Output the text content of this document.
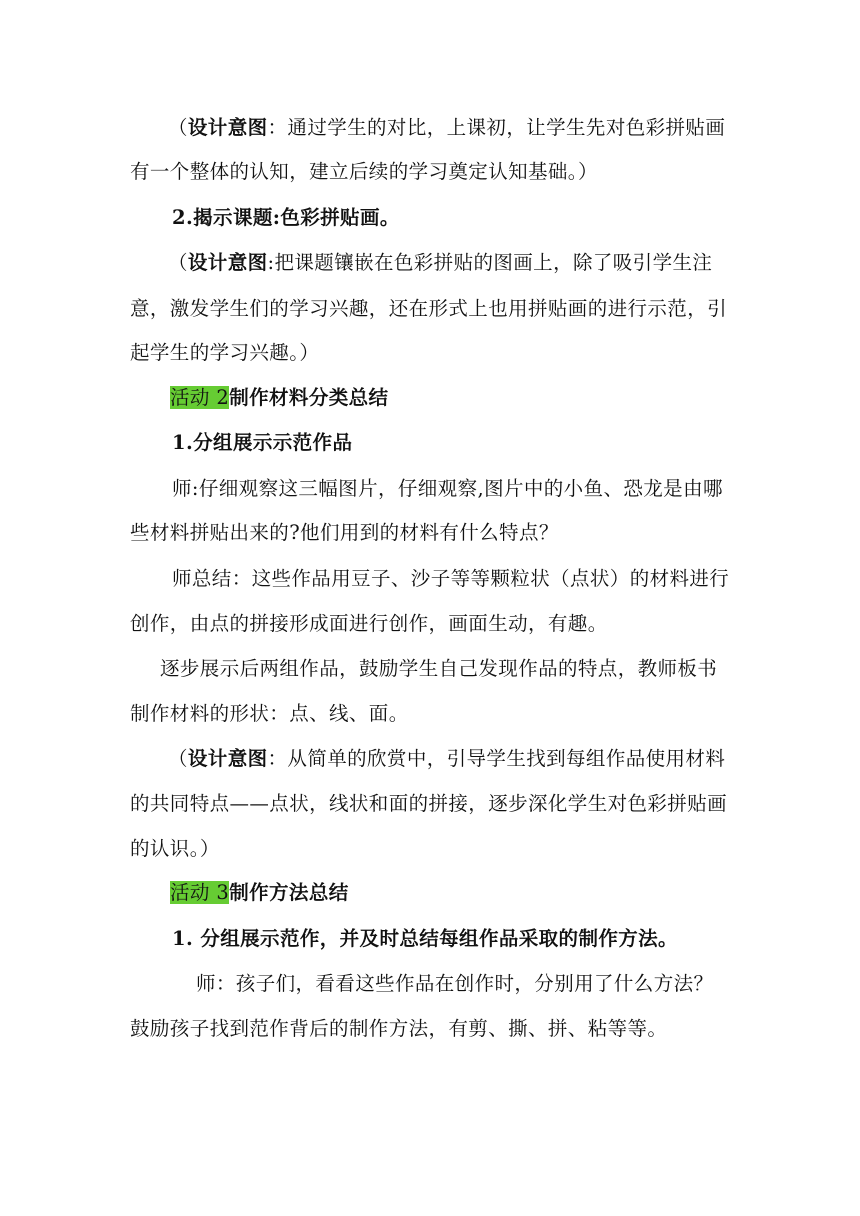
（设计意图：通过学生的对比，上课初，让学生先对色彩拼贴画
有一个整体的认知，建立后续的学习奠定认知基础。）
2.揭示课题:色彩拼贴画。
（设计意图:把课题镶嵌在色彩拼贴的图画上，除了吸引学生注
意，激发学生们的学习兴趣，还在形式上也用拼贴画的进行示范，引
起学生的学习兴趣。）
活动 2制作材料分类总结
1.分组展示示范作品
师:仔细观察这三幅图片，仔细观察,图片中的小鱼、恐龙是由哪
些材料拼贴出来的?他们用到的材料有什么特点？
师总结：这些作品用豆子、沙子等等颗粒状（点状）的材料进行
创作，由点的拼接形成面进行创作，画面生动，有趣。
逐步展示后两组作品，鼓励学生自己发现作品的特点，教师板书
制作材料的形状：点、线、面。
（设计意图：从简单的欣赏中，引导学生找到每组作品使用材料
的共同特点——点状，线状和面的拼接，逐步深化学生对色彩拼贴画
的认识。）
活动 3制作方法总结
1. 分组展示范作，并及时总结每组作品采取的制作方法。
师：孩子们，看看这些作品在创作时，分别用了什么方法？
鼓励孩子找到范作背后的制作方法，有剪、撕、拼、粘等等。
